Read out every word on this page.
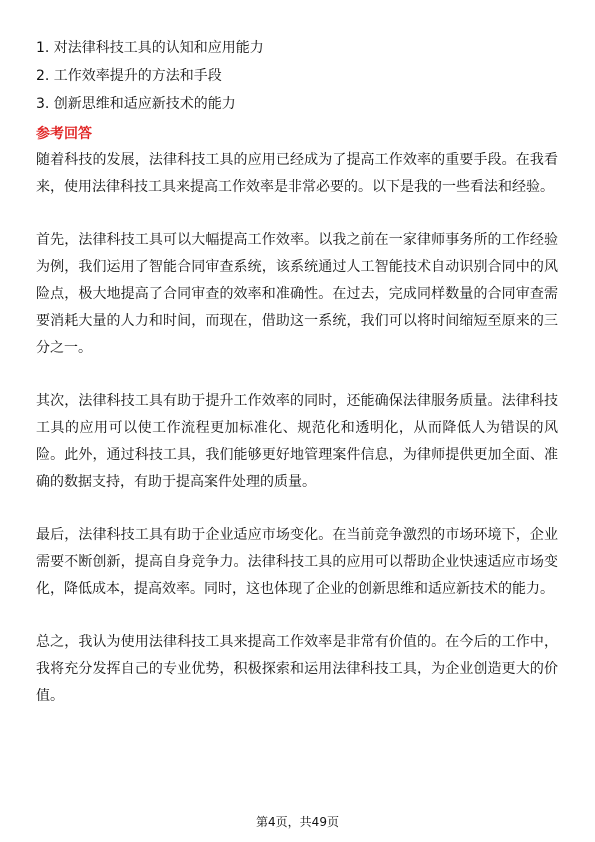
1. 对法律科技工具的认知和应用能力
2. 工作效率提升的方法和手段
3. 创新思维和适应新技术的能力
参考回答

随着科技的发展，法律科技工具的应用已经成为了提高工作效率的重要手段。在我看来，使用法律科技工具来提高工作效率是非常必要的。以下是我的一些看法和经验。

首先，法律科技工具可以大幅提高工作效率。以我之前在一家律师事务所的工作经验为例，我们运用了智能合同审查系统，该系统通过人工智能技术自动识别合同中的风险点，极大地提高了合同审查的效率和准确性。在过去，完成同样数量的合同审查需要消耗大量的人力和时间，而现在，借助这一系统，我们可以将时间缩短至原来的三分之一。

其次，法律科技工具有助于提升工作效率的同时，还能确保法律服务质量。法律科技工具的应用可以使工作流程更加标准化、规范化和透明化，从而降低人为错误的风险。此外，通过科技工具，我们能够更好地管理案件信息，为律师提供更加全面、准确的数据支持，有助于提高案件处理的质量。

最后，法律科技工具有助于企业适应市场变化。在当前竞争激烈的市场环境下，企业需要不断创新，提高自身竞争力。法律科技工具的应用可以帮助企业快速适应市场变化，降低成本，提高效率。同时，这也体现了企业的创新思维和适应新技术的能力。

总之，我认为使用法律科技工具来提高工作效率是非常有价值的。在今后的工作中，我将充分发挥自己的专业优势，积极探索和运用法律科技工具，为企业创造更大的价值。

第4页，共49页
